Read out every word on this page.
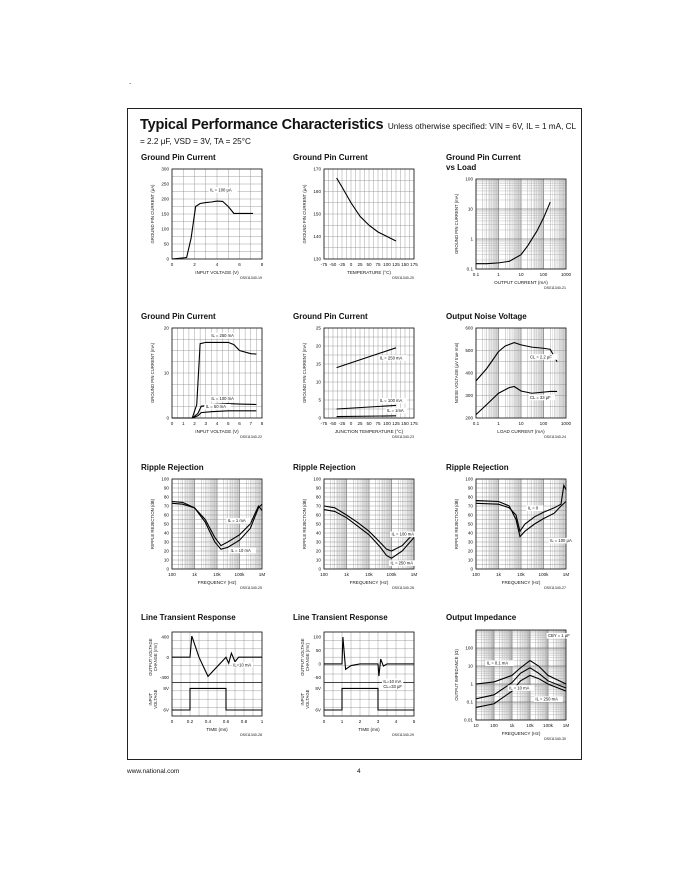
.
Typical Performance Characteristics Unless otherwise specified: VIN = 6V, IL = 1 mA, CL = 2.2 μF, VSD = 3V, TA = 25°C
Ground Pin Current
0	2	4	6	8
INPUT VOLTAGE (V)
DS011340-19
0
50
100
150
200
250
300
GROUND PIN CURRENT (μA)	IL = 100 μA
Ground Pin Current
-75 -50 -25 0 25 50 75 100 125 150 175
TEMPERATURE (°C)
DS011340-20
130
140
150
160
170
GROUND PIN CURRENT (μA)
Ground Pin Current
vs Load
0.1	1	10	100	1000
OUTPUT CURRENT (mA)
DS011340-21
0.1
1
10
100
GROUND PIN CURRENT (mA)
Ground Pin Current
0 1 2 3 4 5 6 7 8
INPUT VOLTAGE (V)
DS011340-22
0
10
20
GROUND PIN CURRENT (mA)
IL = 250 mA
IL = 100 mA
IL = 50 mA
Ground Pin Current
-75 -50 -25 0 25 50 75 100 125 150 175
JUNCTION TEMPERATURE (°C)
DS011340-23
0
5
10
15
20
25
GROUND PIN CURRENT (mA)	IL = 250 mA
IL = 100 mA
IL = 1mA
Output Noise Voltage
0.1	1	10	100	1000
LOAD CURRENT (mA)
DS011340-24
200
300
400
500
600
NOISE VOLTAGE (μV true rms)	CL = 2.2 μF
CL = 33 μF
Ripple Rejection
100	1k	10k	100k	1M
FREQUENCY (Hz)
DS011340-25
0
10
20
30
40
50
60
70
80
90
100
RIPPLE REJECTION (dB)	IL = 1 mA
IL = 10 mA
Ripple Rejection
100	1k	10k	100k	1M
FREQUENCY (Hz)
DS011340-26
0
10
20
30
40
50
60
70
80
90
100
RIPPLE REJECTION (dB)	IL = 100 mA
IL = 250 mA
Ripple Rejection
100	1k	10k	100k	1M
FREQUENCY (Hz)
DS011340-27
0
10
20
30
40
50
60
70
80
90
100
RIPPLE REJECTION (dB)	IL = 0
IL = 100 μA
Line Transient Response
0	0.2	0.4	0.6	0.8	1
TIME (ms)
DS011340-28
-400
0
400
6V
8V
OUTPUT VOLTAGE CHANGE (mV)
INPUT VOLTAGE
IL=10 mA
Line Transient Response
0	1	2	3	4	5
TIME (ms)
DS011340-29
-50
0
50
100
6V
8V
OUTPUT VOLTAGE CHANGE (mV)
INPUT VOLTAGE
IL=10 mA
CL=33 μF
Output Impedance
10	100	1k	10k 100k 1M
FREQUENCY (Hz)
DS011340-30
0.01
0.1
1
10
100
OUTPUT IMPEDANCE (Ω)
CBY = 1 μF
IL = 0.1 mA
IL = 10 mA
IL = 250 mA
www.national.com	4
